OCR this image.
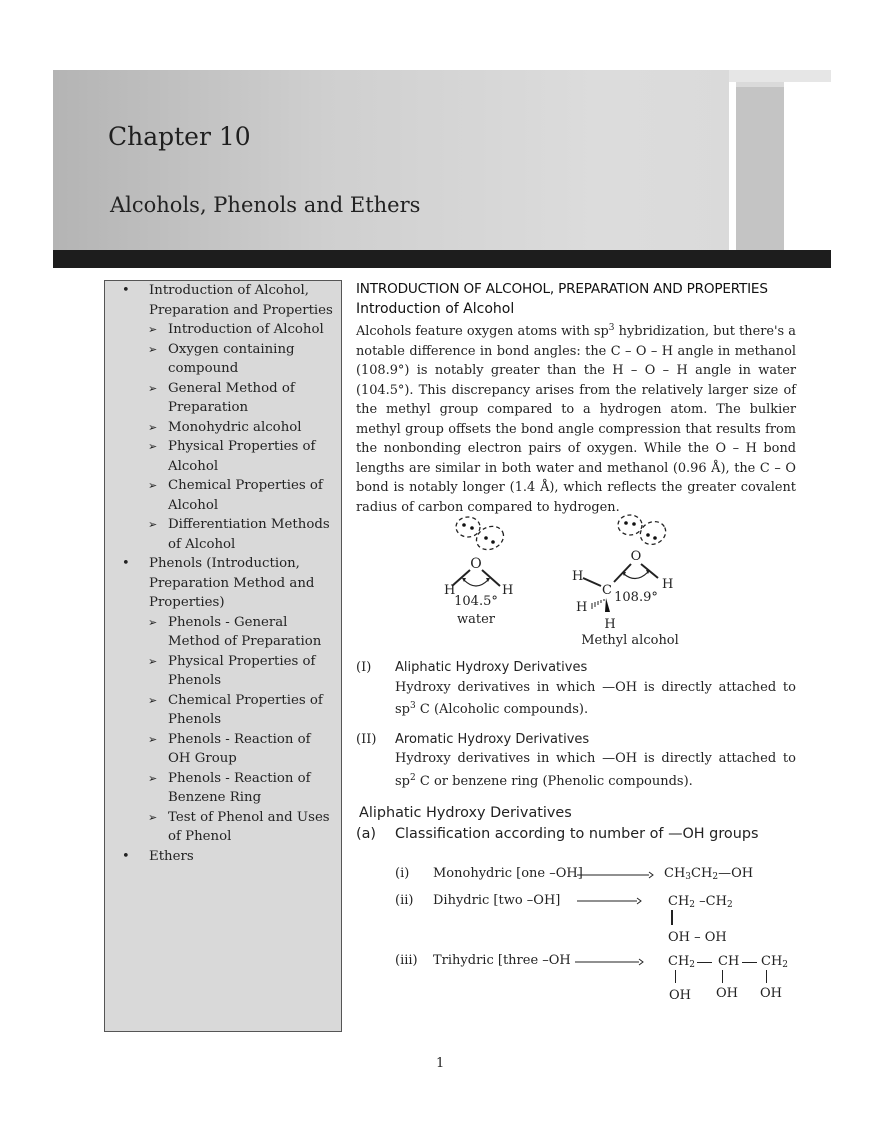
Chapter 10
Alcohols, Phenols and Ethers
• Introduction of Alcohol, Preparation and Properties
➢ Introduction of Alcohol
➢ Oxygen containing compound
➢ General Method of Preparation
➢ Monohydric alcohol
➢ Physical Properties of Alcohol
➢ Chemical Properties of Alcohol
➢ Differentiation Methods of Alcohol
• Phenols (Introduction, Preparation Method and Properties)
➢ Phenols - General Method of Preparation
➢ Physical Properties of Phenols
➢ Chemical Properties of Phenols
➢ Phenols - Reaction of OH Group
➢ Phenols - Reaction of Benzene Ring
➢ Test of Phenol and Uses of Phenol
• Ethers
INTRODUCTION OF ALCOHOL, PREPARATION AND PROPERTIES
Introduction of Alcohol

Alcohols feature oxygen atoms with $sp^3$ hybridization, but there's a notable difference in bond angles: the C – O – H angle in methanol (108.9°) is notably greater than the H – O – H angle in water (104.5°). This discrepancy arises from the relatively larger size of the methyl group compared to a hydrogen atom. The bulkier methyl group offsets the bond angle compression that results from the nonbonding electron pairs of oxygen. While the O – H bond lengths are similar in both water and methanol (0.96 Å), the C – O bond is notably longer (1.4 Å), which reflects the greater covalent radius of carbon compared to hydrogen.

O
H	H
104.5°
water
O
H
C	H
108.9°
H
H
Methyl alcohol
(I) Aliphatic Hydroxy Derivatives
Hydroxy derivatives in which —OH is directly attached to $sp^3$ C (Alcoholic compounds).
(II) Aromatic Hydroxy Derivatives
Hydroxy derivatives in which —OH is directly attached to $sp^2$ C or benzene ring (Phenolic compounds).
Aliphatic Hydroxy Derivatives
(a) Classification according to number of —OH groups
(i) Monohydric [one –OH]
(ii) Dihydric [two –OH]
(iii) Trihydric [three –OH
$CH_3CH_2—OH$
$CH_2$ $-CH_2$
OH – OH
$CH_2$ CH $CH_2$
OH OH OH
1
